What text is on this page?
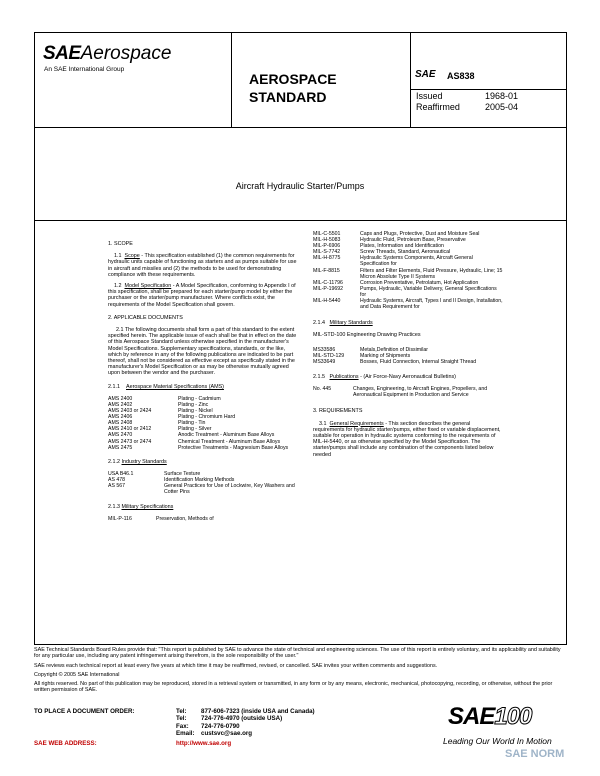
SAEAerospace
An SAE International Group
AEROSPACE
STANDARD
SAE AS838
Issued	1968-01
Reaffirmed	2005-04
Aircraft Hydraulic Starter/Pumps

1. SCOPE

1.1 Scope - This specification established (1) the common requirements for hydraulic units capable of functioning as starters and as pumps suitable for use in aircraft and missiles and (2) the methods to be used for demonstrating compliance with these requirements.

1.2 Model Specification - A Model Specification, conforming to Appendix I of this specification, shall be prepared for each starter/pump model by either the purchaser or the starter/pump manufacturer. Where conflicts exist, the requirements of the Model Specification shall govern.

2. APPLICABLE DOCUMENTS

2.1 The following documents shall form a part of this standard to the extent specified herein. The applicable issue of each shall be that in effect on the date of this Aerospace Standard unless otherwise specified in the manufacturer's Model Specifications. Supplementary specifications, standards, or the like, which by reference in any of the following publications are indicated to be part thereof, shall not be considered as effective except as specifically stated in the manufacturer's Model Specification or as may be otherwise mutually agreed upon between the vendor and the purchaser.

2.1.1 Aerospace Material Specifications (AMS)

AMS 2400	Plating - Cadmium
AMS 2402	Plating - Zinc
AMS 2403 or 2424	Plating - Nickel
AMS 2406	Plating - Chromium Hard
AMS 2408	Plating - Tin
AMS 2410 or 2412	Plating - Silver
AMS 2470	Anodic Treatment - Aluminum Base Alloys
AMS 2473 or 2474	Chemical Treatment - Aluminum Base Alloys
AMS 2475	Protective Treatments - Magnesium Base Alloys

2.1.2 Industry Standards

USA B46.1	Surface Texture
AS 478	Identification Marking Methods
AS 567	General Practices for Use of Lockwire, Key Washers and Cotter Pins

2.1.3 Military Specifications

MIL-P-116	Preservation, Methods of
MIL-C-5501	Caps and Plugs, Protective, Dust and Moisture Seal
MIL-H-5083	Hydraulic Fluid, Petroleum Base, Preservative
MIL-P-6906	Plates, Information and Identification
MIL-S-7742	Screw Threads, Standard, Aeronautical
MIL-H-8775	Hydraulic Systems Components, Aircraft General Specification for
MIL-F-8815	Filters and Filter Elements, Fluid Pressure, Hydraulic, Line; 15 Micron Absolute Type II Systems
MIL-C-11796	Corrosion Preventative, Petrolatum, Hot Application
MIL-P-19692	Pumps, Hydraulic, Variable Delivery, General Specifications for
MIL-H-5440	Hydraulic Systems, Aircraft, Types I and II Design, Installation, and Data Requirement for

2.1.4 Military Standards

MIL-STD-100 Engineering Drawing Practices

MS33586	Metals,Definition of Dissimilar
MIL-STD-129	Marking of Shipments
MS33649	Bosses, Fluid Connection, Internal Straight Thread

2.1.5 Publications - (Air Force-Navy Aeronautical Bulletins)

No. 445	Changes, Engineering, to Aircraft Engines, Propellers, and Aeronautical Equipment in Production and Service

3. REQUIREMENTS

3.1 General Requirements - This section describes the general requirements for hydraulic starter/pumps, either fixed or variable displacement, suitable for operation in hydraulic systems conforming to the requirements of MIL-H-5440, or as otherwise specified by the Model Specification. The starter/pumps shall include any combination of the components listed below needed

SAE Technical Standards Board Rules provide that: "This report is published by SAE to advance the state of technical and engineering sciences. The use of this report is entirely voluntary, and its applicability and suitability for any particular use, including any patent infringement arising therefrom, is the sole responsibility of the user."

SAE reviews each technical report at least every five years at which time it may be reaffirmed, revised, or cancelled. SAE invites your written comments and suggestions.

Copyright © 2005 SAE International

All rights reserved. No part of this publication may be reproduced, stored in a retrieval system or transmitted, in any form or by any means, electronic, mechanical, photocopying, recording, or otherwise, without the prior written permission of SAE.

TO PLACE A DOCUMENT ORDER:	Tel: 877-606-7323 (inside USA and Canada)
Tel: 724-776-4970 (outside USA)
Fax: 724-776-0790
Email: custsvc@sae.org
SAE WEB ADDRESS:	http://www.sae.org
SAE100
Leading Our World In Motion
SAE NORM
